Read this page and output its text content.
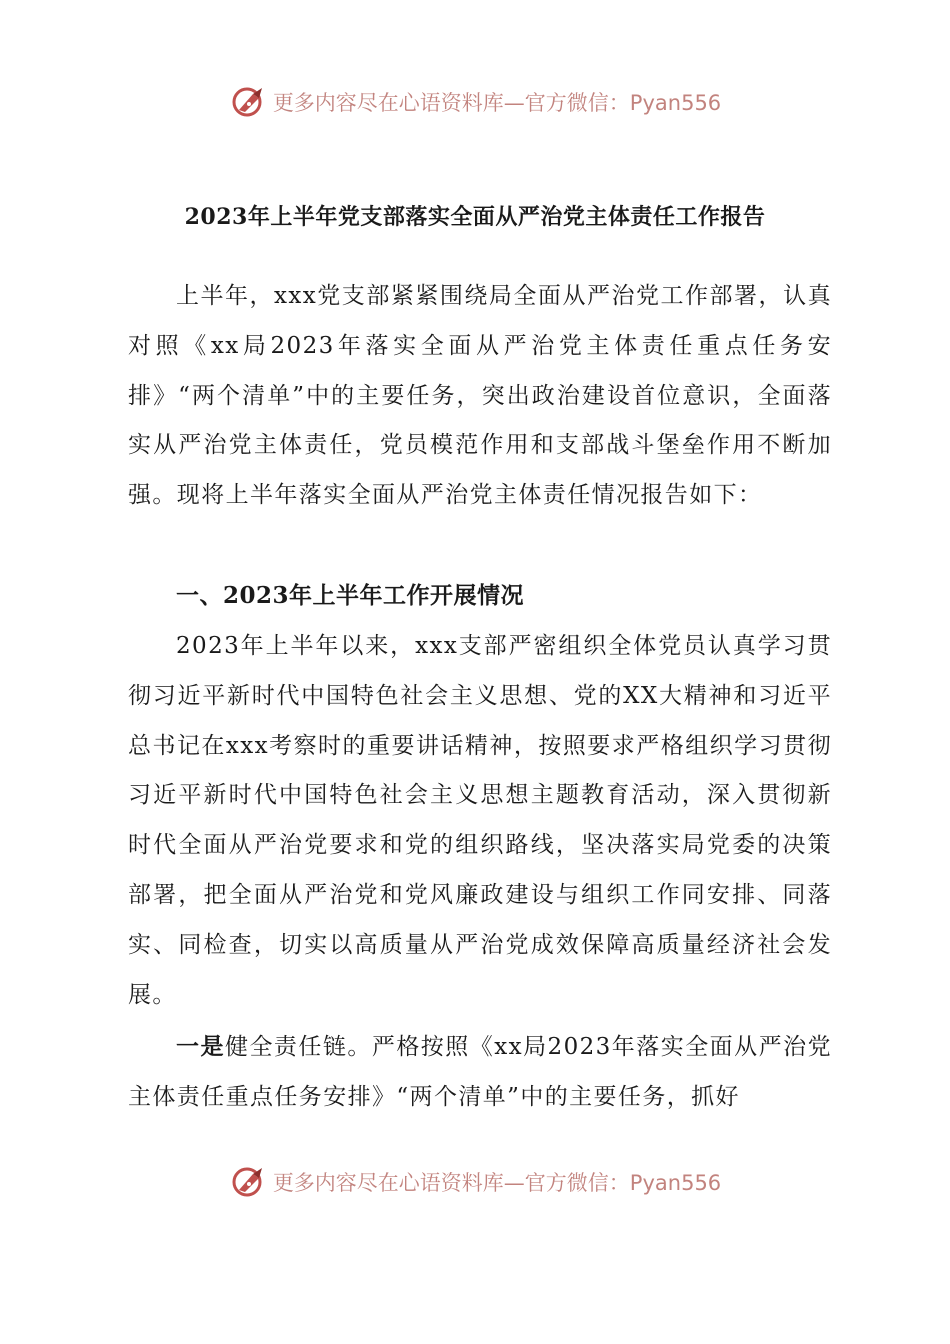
更多内容尽在心语资料库—官方微信：Pyan556
2023年上半年党支部落实全面从严治党主体责任工作报告

上半年，xxx党支部紧紧围绕局全面从严治党工作部署，认真对照《xx局2023年落实全面从严治党主体责任重点任务安排》“两个清单”中的主要任务，突出政治建设首位意识，全面落实从严治党主体责任，党员模范作用和支部战斗堡垒作用不断加强。现将上半年落实全面从严治党主体责任情况报告如下：

一、2023年上半年工作开展情况

2023年上半年以来，xxx支部严密组织全体党员认真学习贯彻习近平新时代中国特色社会主义思想、党的XX大精神和习近平总书记在xxx考察时的重要讲话精神，按照要求严格组织学习贯彻习近平新时代中国特色社会主义思想主题教育活动，深入贯彻新时代全面从严治党要求和党的组织路线，坚决落实局党委的决策部署，把全面从严治党和党风廉政建设与组织工作同安排、同落实、同检查，切实以高质量从严治党成效保障高质量经济社会发展。

一是健全责任链。严格按照《xx局2023年落实全面从严治党主体责任重点任务安排》“两个清单”中的主要任务，抓好

更多内容尽在心语资料库—官方微信：Pyan556
